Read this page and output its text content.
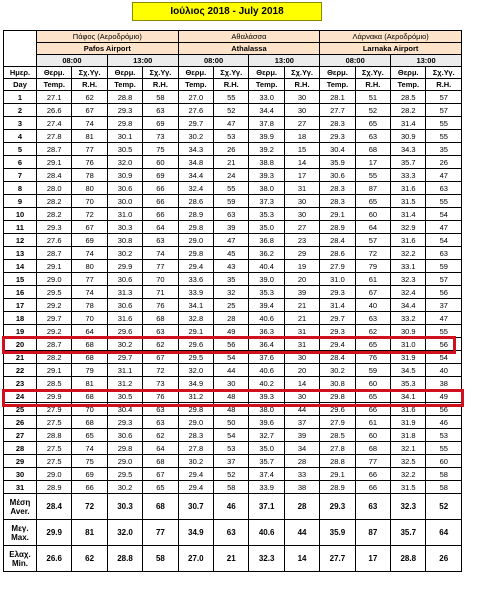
Ιούλιος 2018 - July 2018
	Πάφος (Αεροδρόμιο)				Αθαλάσσα				Λάρνακα (Αεροδρόμιο)			
	Pafos Airport				Athalassa				Larnaka Airport			
	08:00		13:00		08:00		13:00		08:00		13:00	
Ημερ.	Θερμ.	Σχ.Υγ.	Θερμ.	Σχ.Υγ.	Θερμ.	Σχ.Υγ.	Θερμ.	Σχ.Υγ.	Θερμ.	Σχ.Υγ.	Θερμ.	Σχ.Υγ.
Day	Temp.	R.H.	Temp.	R.H.	Temp.	R.H.	Temp.	R.H.	Temp.	R.H.	Temp.	R.H.
1	27.1	62	28.8	58	27.0	55	33.0	30	28.1	51	28.5	57
2	26.6	67	29.3	63	27.6	52	34.4	30	27.7	52	28.2	57
3	27.4	74	29.8	69	29.7	47	37.8	27	28.3	65	31.4	55
4	27.8	81	30.1	73	30.2	53	39.9	18	29.3	63	30.9	55
5	28.7	77	30.5	75	34.3	26	39.2	15	30.4	68	34.3	35
6	29.1	76	32.0	60	34.8	21	38.8	14	35.9	17	35.7	26
7	28.4	78	30.9	69	34.4	24	39.3	17	30.6	55	33.3	47
8	28.0	80	30.6	66	32.4	55	38.0	31	28.3	87	31.6	63
9	28.2	70	30.0	66	28.6	59	37.3	30	28.3	65	31.5	55
10	28.2	72	31.0	66	28.9	63	35.3	30	29.1	60	31.4	54
11	29.3	67	30.3	64	29.8	39	35.0	27	28.9	64	32.9	47
12	27.6	69	30.8	63	29.0	47	36.8	23	28.4	57	31.6	54
13	28.7	74	30.2	74	29.8	45	36.2	29	28.6	72	32.2	63
14	29.1	80	29.9	77	29.4	43	40.4	19	27.9	79	33.1	59
15	29.0	77	30.6	70	33.6	35	39.0	20	31.0	61	32.3	57
16	29.5	74	31.3	71	33.9	32	35.3	39	29.3	67	32.4	56
17	29.2	78	30.6	76	34.1	25	39.4	21	31.4	40	34.4	37
18	29.7	70	31.6	68	32.8	28	40.6	21	29.7	63	33.2	47
19	29.2	64	29.6	63	29.1	49	36.3	31	29.3	62	30.9	55
20	28.7	68	30.2	62	29.6	56	36.4	31	29.4	65	31.0	56
21	28.2	68	29.7	67	29.5	54	37.6	30	28.4	76	31.9	54
22	29.1	79	31.1	72	32.0	44	40.6	20	30.2	59	34.5	40
23	28.5	81	31.2	73	34.9	30	40.2	14	30.8	60	35.3	38
24	29.9	68	30.5	76	31.2	48	39.3	30	29.8	65	34.1	49
25	27.9	70	30.4	63	29.8	48	38.0	44	29.6	66	31.6	56
26	27.5	68	29.3	63	29.0	50	39.6	37	27.9	61	31.9	46
27	28.8	65	30.6	62	28.3	54	32.7	39	28.5	60	31.8	53
28	27.5	74	29.8	64	27.8	53	35.0	34	27.8	68	32.1	55
29	27.5	75	29.0	68	30.2	37	35.7	28	28.8	77	32.5	60
30	29.0	69	29.5	67	29.4	52	37.4	33	29.1	66	32.2	58
31	28.9	66	30.2	65	29.4	58	33.9	38	28.9	66	31.5	58

Μέση
Aver.	28.4	72	30.3	68	30.7	46	37.1	28	29.3	63	32.3	52

Μεγ.
Max.	29.9	81	32.0	77	34.9	63	40.6	44	35.9	87	35.7	64

Ελαχ.
Min.	26.6	62	28.8	58	27.0	21	32.3	14	27.7	17	28.8	26
